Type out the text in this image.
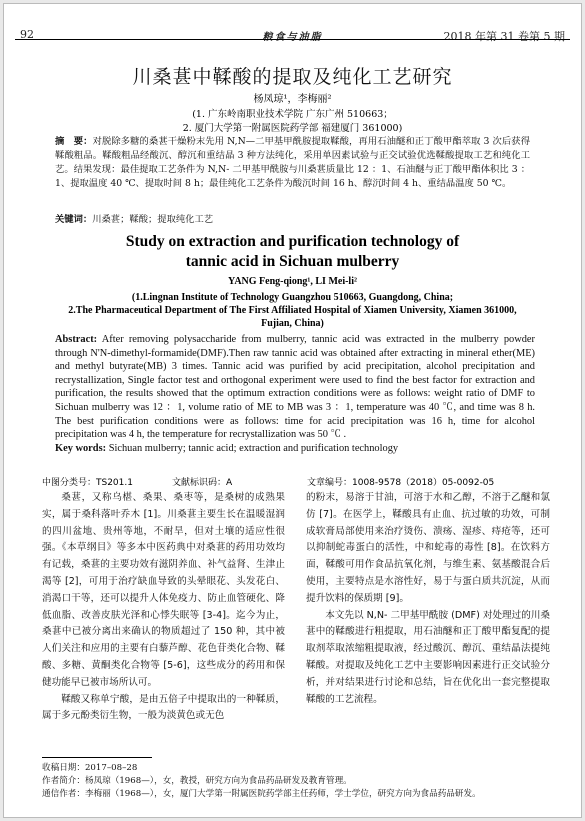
92	粮食与油脂	2018 年第 31 卷第 5 期
川桑葚中鞣酸的提取及纯化工艺研究
杨凤琼¹，李梅丽²
(1. 广东岭南职业技术学院 广东广州 510663；
2. 厦门大学第一附属医院药学部 福建厦门 361000)
摘　要：对脱除多糖的桑葚干燥粉末先用 N,N—二甲基甲酰胺提取鞣酸，再用石油醚和正丁酸甲酯萃取 3 次后获得鞣酸粗品。鞣酸粗品经酸沉、醇沉和重结晶 3 种方法纯化，采用单因素试验与正交试验优选鞣酸提取工艺和纯化工艺。结果发现：最佳提取工艺条件为 N,N- 二甲基甲酰胺与川桑葚质量比 12 ：1、石油醚与正丁酸甲酯体积比 3 ：1、提取温度 40 ℃、提取时间 8 h；最佳纯化工艺条件为酸沉时间 16 h、醇沉时间 4 h、重结晶温度 50 ℃。
关键词：川桑葚；鞣酸；提取纯化工艺
Study on extraction and purification technology of
tannic acid in Sichuan mulberry
YANG Feng-qiong¹, LI Mei-li²
(1.Lingnan Institute of Technology Guangzhou 510663, Guangdong, China;
2.The Pharmaceutical Department of The First Affiliated Hospital of Xiamen University, Xiamen 361000,
Fujian, China)
Abstract: After removing polysaccharide from mulberry, tannic acid was extracted in the mulberry powder through N'N-dimethyl-formamide(DMF).Then raw tannic acid was obtained after extracting in mineral ether(ME) and methyl butyrate(MB) 3 times. Tannic acid was purified by acid precipitation, alcohol precipitation and recrystallization, Single factor test and orthogonal experiment were used to find the best factor for extraction and purification, the results showed that the optimum extraction conditions were as follows: weight ratio of DMF to Sichuan mulberry was 12 ：1, volume ratio of ME to MB was 3 ：1, temperature was 40 ℃, and time was 8 h. The best purification conditions were as follows: time for acid precipitation was 16 h, time for alcohol precipitation was 4 h, the temperature for recrystallization was 50 ℃ .
Key words: Sichuan mulberry; tannic acid; extraction and purification technology
中图分类号：TS201.1	文献标识码：A	文章编号：1008-9578（2018）05-0092-05

桑葚，又称乌椹、桑果、桑枣等，是桑树的成熟果实，属于桑科落叶乔木 [1]。川桑葚主要生长在温暖湿润的四川盆地、贵州等地，不耐旱，但对土壤的适应性很强。《本草纲目》等多本中医药典中对桑葚的药用功效均有记载，桑葚的主要功效有滋阴养血、补气益肾、生津止渴等 [2]，可用于治疗缺血导致的头晕眼花、头发花白、消渴口干等，还可以提升人体免疫力、防止血管硬化、降低血脂、改善皮肤光泽和心悸失眠等 [3-4]。迄今为止，桑葚中已被分离出来确认的物质超过了 150 种，其中被人们关注和应用的主要有白藜芦醇、花色苷类化合物、鞣酸、多糖、黄酮类化合物等 [5-6]，这些成分的药用和保健功能早已被市场所认可。

鞣酸又称单宁酸，是由五倍子中提取出的一种鞣质，属于多元酚类衍生物，一般为淡黄色或无色

的粉末，易溶于甘油，可溶于水和乙醇，不溶于乙醚和氯仿 [7]。在医学上，鞣酸具有止血、抗过敏的功效，可制成软膏局部使用来治疗烫伤、溃疡、湿疹、痔疮等，还可以抑制蛇毒蛋白的活性，中和蛇毒的毒性 [8]。在饮料方面，鞣酸可用作食品抗氧化剂，与维生素、氨基酸混合后使用，主要特点是水溶性好，易于与蛋白质共沉淀，从而提升饮料的保质期 [9]。

本文先以 N,N- 二甲基甲酰胺 (DMF) 对处理过的川桑葚中的鞣酸进行粗提取，用石油醚和正丁酸甲酯复配的提取剂萃取浓缩粗提取液，经过酸沉、醇沉、重结晶法提纯鞣酸。对提取及纯化工艺中主要影响因素进行正交试验分析，并对结果进行讨论和总结，旨在优化出一套完整提取鞣酸的工艺流程。

收稿日期：2017–08–28
作者简介：杨凤琼（1968—），女，教授，研究方向为食品药品研发及教育管理。
通信作者：李梅丽（1968—），女，厦门大学第一附属医院药学部主任药师，学士学位，研究方向为食品药品研发。
